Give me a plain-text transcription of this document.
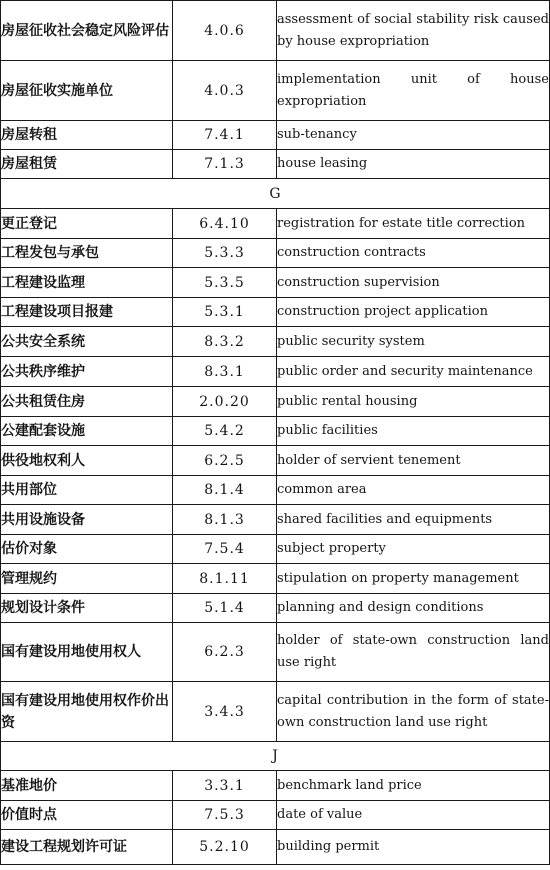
房屋征收社会稳定风险评估	4.0.6	assessment of social stability risk caused by house expropriation
房屋征收实施单位	4.0.3	implementation unit of house expropriation
房屋转租	7.4.1	sub-tenancy
房屋租赁	7.1.3	house leasing
G		
更正登记	6.4.10	registration for estate title correction
工程发包与承包	5.3.3	construction contracts
工程建设监理	5.3.5	construction supervision
工程建设项目报建	5.3.1	construction project application
公共安全系统	8.3.2	public security system
公共秩序维护	8.3.1	public order and security maintenance
公共租赁住房	2.0.20	public rental housing
公建配套设施	5.4.2	public facilities
供役地权利人	6.2.5	holder of servient tenement
共用部位	8.1.4	common area
共用设施设备	8.1.3	shared facilities and equipments
估价对象	7.5.4	subject property
管理规约	8.1.11	stipulation on property management
规划设计条件	5.1.4	planning and design conditions
国有建设用地使用权人	6.2.3	holder of state-own construction land use right
国有建设用地使用权作价出资	3.4.3	capital contribution in the form of state-own construction land use right
J		
基准地价	3.3.1	benchmark land price
价值时点	7.5.3	date of value
建设工程规划许可证	5.2.10	building permit
